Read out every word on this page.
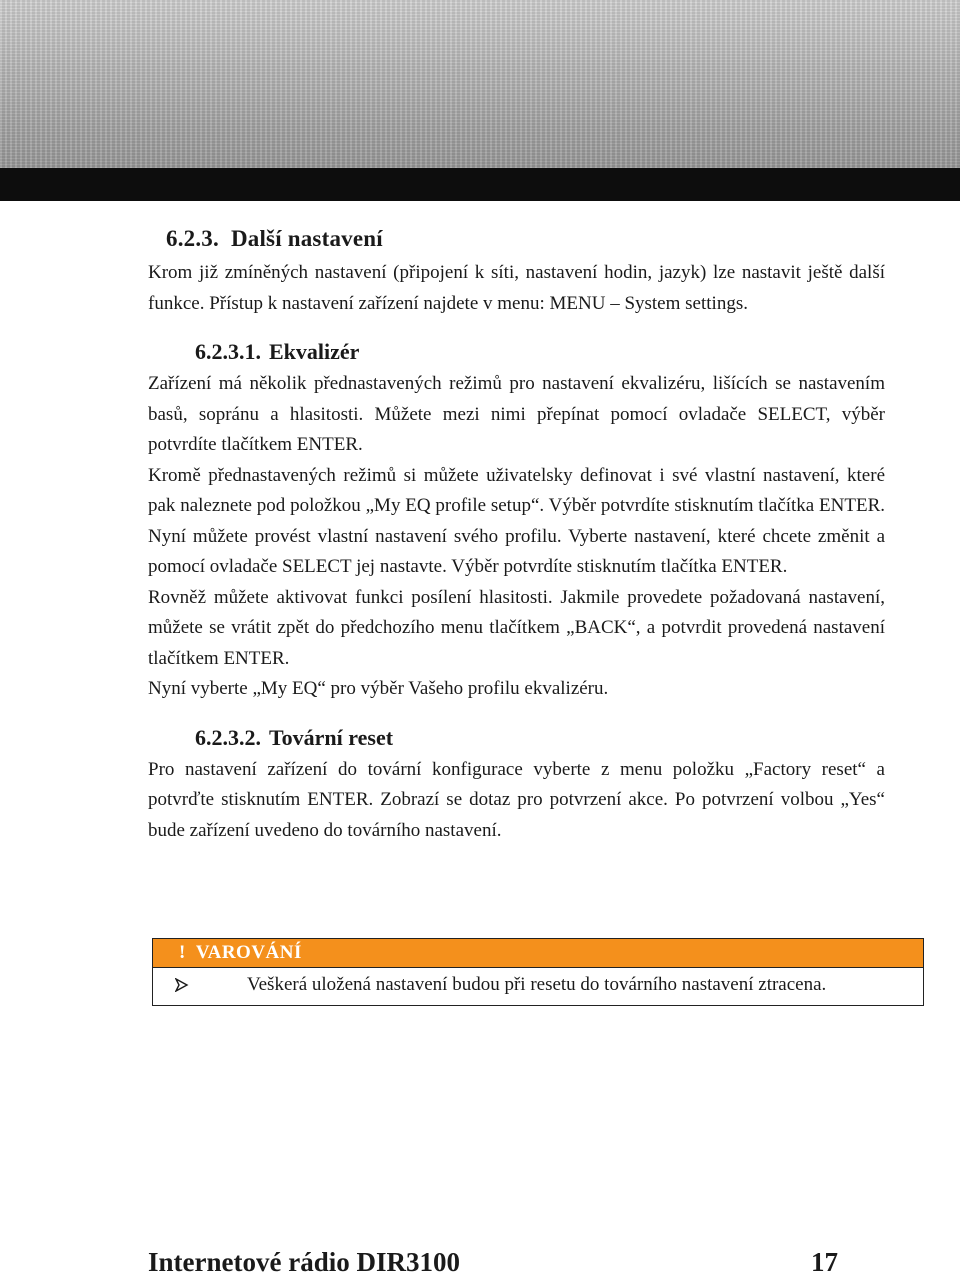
6.2.3. Další nastavení

Krom již zmíněných nastavení (připojení k síti, nastavení hodin, jazyk) lze nastavit ještě další funkce. Přístup k nastavení zařízení najdete v menu: MENU – System settings.

6.2.3.1. Ekvalizér

Zařízení má několik přednastavených režimů pro nastavení ekvalizéru, lišících se nastavením basů, sopránu a hlasitosti. Můžete mezi nimi přepínat pomocí ovladače SELECT, výběr potvrdíte tlačítkem ENTER.

Kromě přednastavených režimů si můžete uživatelsky definovat i své vlastní nastavení, které pak naleznete pod položkou „My EQ profile setup“. Výběr potvrdíte stisknutím tlačítka ENTER. Nyní můžete provést vlastní nastavení svého profilu. Vyberte nastavení, které chcete změnit a pomocí ovladače SELECT jej nastavte. Výběr potvrdíte stisknutím tlačítka ENTER.

Rovněž můžete aktivovat funkci posílení hlasitosti. Jakmile provedete požadovaná nastavení, můžete se vrátit zpět do předchozího menu tlačítkem „BACK“, a potvrdit provedená nastavení tlačítkem ENTER.

Nyní vyberte „My EQ“ pro výběr Vašeho profilu ekvalizéru.

6.2.3.2. Tovární reset

Pro nastavení zařízení do tovární konfigurace vyberte z menu položku „Factory reset“ a potvrďte stisknutím ENTER. Zobrazí se dotaz pro potvrzení akce. Po potvrzení volbou „Yes“ bude zařízení uvedeno do továrního nastavení.

! VAROVÁNÍ
Veškerá uložená nastavení budou při resetu do továrního nastavení ztracena.
Internetové rádio DIR3100	17
